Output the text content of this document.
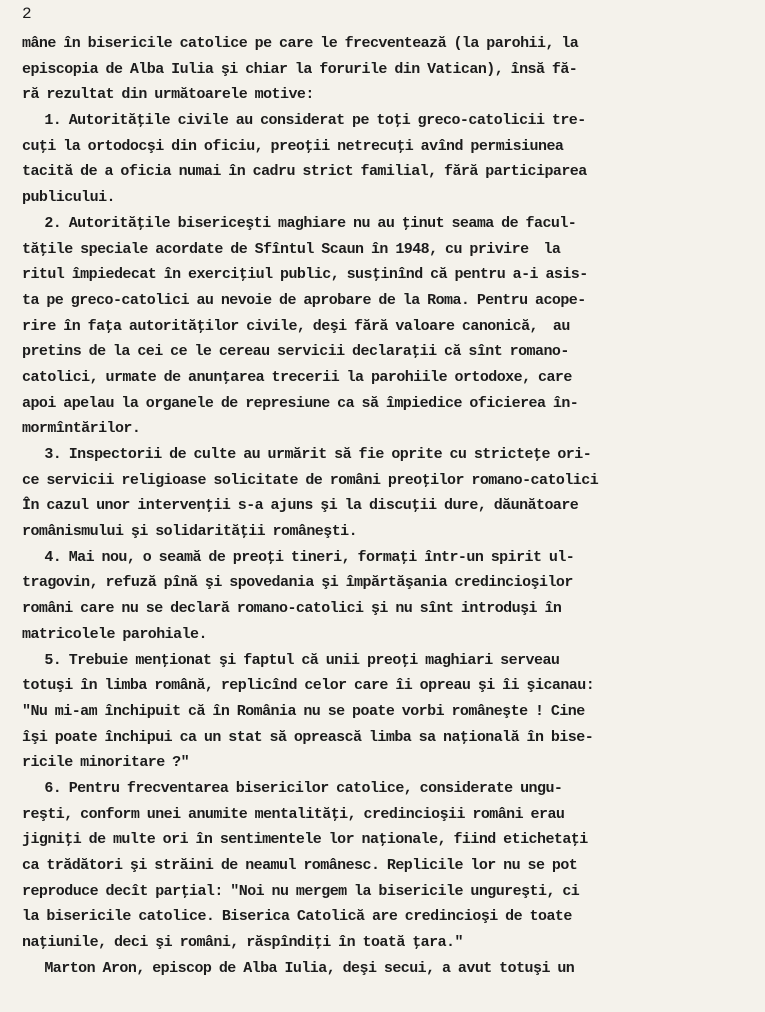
2
mâne în bisericile catolice pe care le frecventează (la parohii, la
episcopia de Alba Iulia şi chiar la forurile din Vatican), însă fă-
ră rezultat din următoarele motive:
1. Autorităţile civile au considerat pe toţi greco-catolicii tre-
cuţi la ortodocşi din oficiu, preoţii netrecuţi avînd permisiunea
tacită de a oficia numai în cadru strict familial, fără participarea
publicului.
2. Autorităţile bisericeşti maghiare nu au ţinut seama de facul-
tăţile speciale acordate de Sfîntul Scaun în 1948, cu privire  la
ritul împiedecat în exerciţiul public, susţinînd că pentru a-i asis-
ta pe greco-catolici au nevoie de aprobare de la Roma. Pentru acope-
rire în faţa autorităţilor civile, deşi fără valoare canonică,  au
pretins de la cei ce le cereau servicii declaraţii că sînt romano-
catolici, urmate de anunţarea trecerii la parohiile ortodoxe, care
apoi apelau la organele de represiune ca să împiedice oficierea în-
mormîntărilor.
3. Inspectorii de culte au urmărit să fie oprite cu stricteţe ori-
ce servicii religioase solicitate de români preoţilor romano-catolici
În cazul unor intervenţii s-a ajuns şi la discuţii dure, dăunătoare
românismului şi solidarităţii româneşti.
4. Mai nou, o seamă de preoţi tineri, formaţi într-un spirit ul-
tragovin, refuză pînă şi spovedania şi împărtăşania credincioşilor
români care nu se declară romano-catolici şi nu sînt introduşi în
matricolele parohiale.
5. Trebuie menţionat şi faptul că unii preoţi maghiari serveau
totuşi în limba română, replicînd celor care îi opreau şi îi şicanau:
"Nu mi-am închipuit că în România nu se poate vorbi româneşte ! Cine
îşi poate închipui ca un stat să oprească limba sa naţională în bise-
ricile minoritare ?"
6. Pentru frecventarea bisericilor catolice, considerate ungu-
reşti, conform unei anumite mentalităţi, credincioşii români erau
jigniţi de multe ori în sentimentele lor naţionale, fiind etichetaţi
ca trădători şi străini de neamul românesc. Replicile lor nu se pot
reproduce decît parţial: "Noi nu mergem la bisericile ungureşti, ci
la bisericile catolice. Biserica Catolică are credincioşi de toate
naţiunile, deci şi români, răspîndiţi în toată ţara."
Marton Aron, episcop de Alba Iulia, deşi secui, a avut totuşi un
